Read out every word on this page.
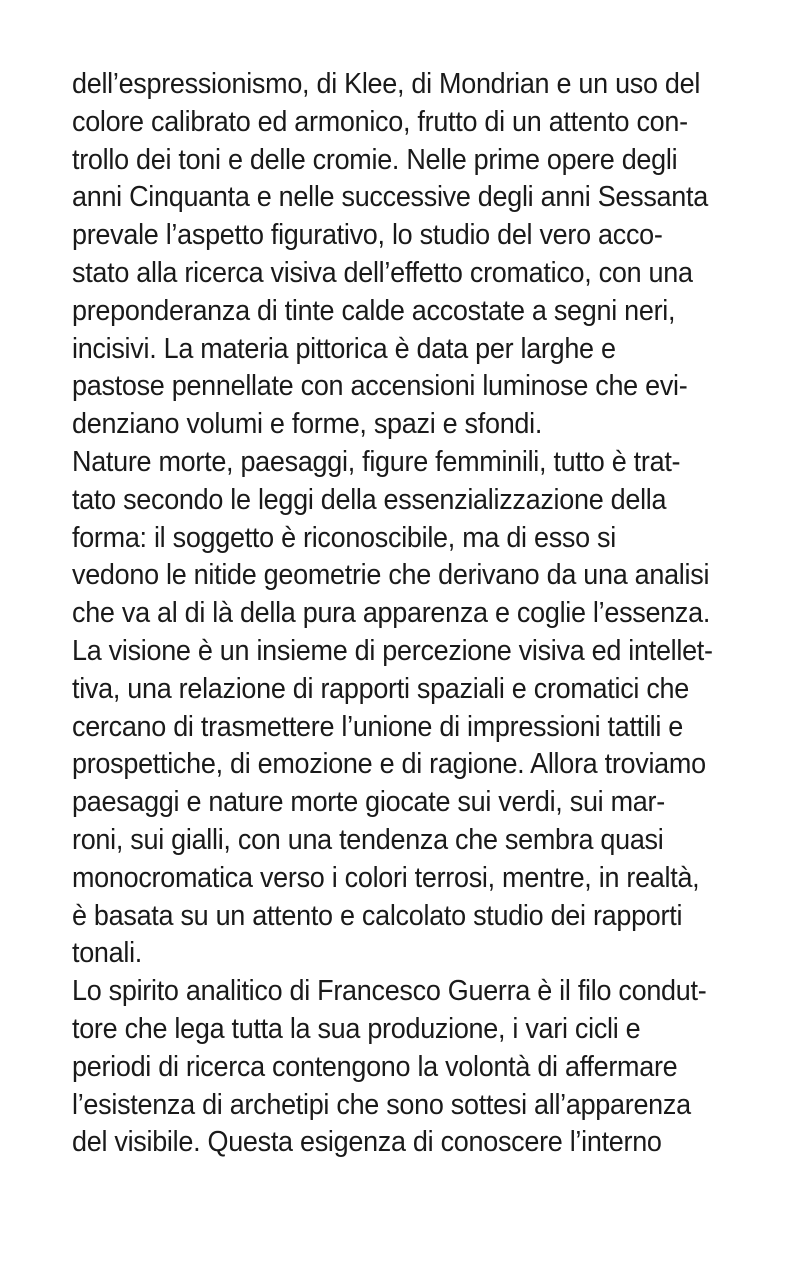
dell’espressionismo, di Klee, di Mondrian e un uso del
colore calibrato ed armonico, frutto di un attento con-
trollo dei toni e delle cromie. Nelle prime opere degli
anni Cinquanta e nelle successive degli anni Sessanta
prevale l’aspetto figurativo, lo studio del vero acco-
stato alla ricerca visiva dell’effetto cromatico, con una
preponderanza di tinte calde accostate a segni neri,
incisivi. La materia pittorica è data per larghe e
pastose pennellate con accensioni luminose che evi-
denziano volumi e forme, spazi e sfondi.
Nature morte, paesaggi, figure femminili, tutto è trat-
tato secondo le leggi della essenzializzazione della
forma: il soggetto è riconoscibile, ma di esso si
vedono le nitide geometrie che derivano da una analisi
che va al di là della pura apparenza e coglie l’essenza.
La visione è un insieme di percezione visiva ed intellet-
tiva, una relazione di rapporti spaziali e cromatici che
cercano di trasmettere l’unione di impressioni tattili e
prospettiche, di emozione e di ragione. Allora troviamo
paesaggi e nature morte giocate sui verdi, sui mar-
roni, sui gialli, con una tendenza che sembra quasi
monocromatica verso i colori terrosi, mentre, in realtà,
è basata su un attento e calcolato studio dei rapporti
tonali.
Lo spirito analitico di Francesco Guerra è il filo condut-
tore che lega tutta la sua produzione, i vari cicli e
periodi di ricerca contengono la volontà di affermare
l’esistenza di archetipi che sono sottesi all’apparenza
del visibile. Questa esigenza di conoscere l’interno
